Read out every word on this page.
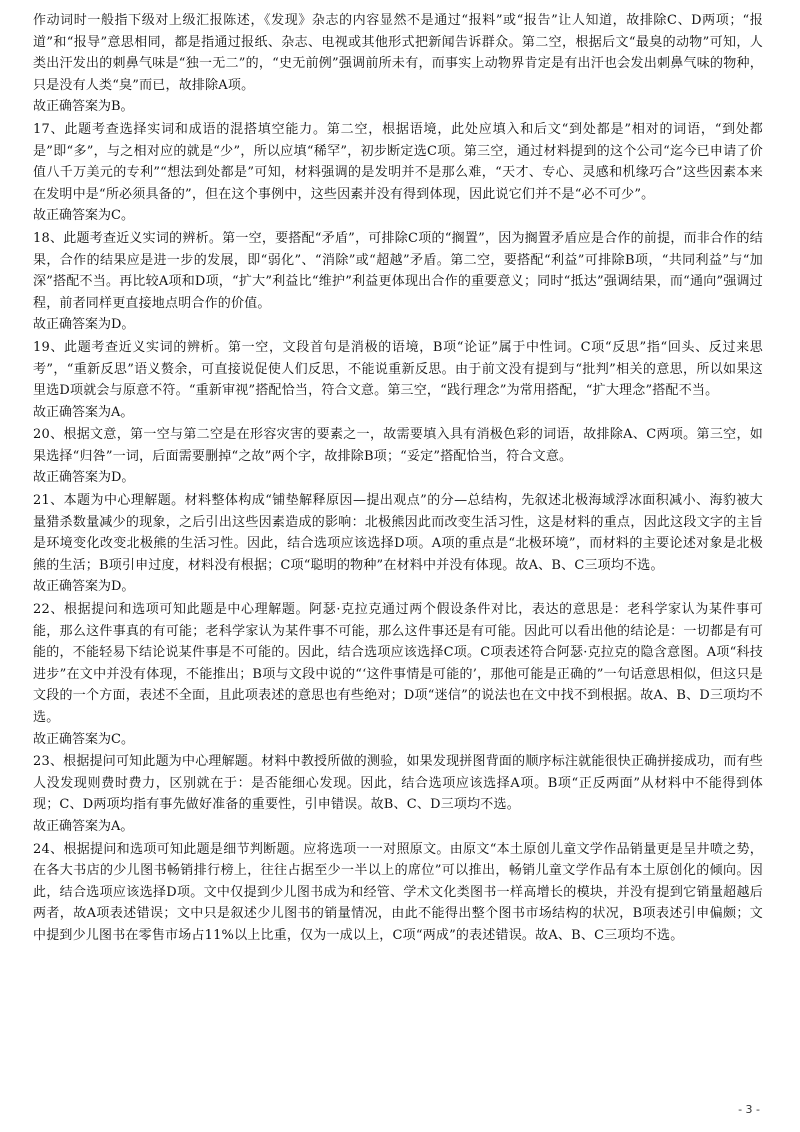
作动词时一般指下级对上级汇报陈述，《发现》杂志的内容显然不是通过“报料”或“报告”让人知道，故排除C、D两项；“报道”和“报导”意思相同，都是指通过报纸、杂志、电视或其他形式把新闻告诉群众。第二空，根据后文“最臭的动物”可知，人类出汗发出的刺鼻气味是“独一无二”的，“史无前例”强调前所未有，而事实上动物界肯定是有出汗也会发出刺鼻气味的物种，只是没有人类“臭”而已，故排除A项。

故正确答案为B。

17、此题考查选择实词和成语的混搭填空能力。第二空，根据语境，此处应填入和后文“到处都是”相对的词语，“到处都是”即“多”，与之相对应的就是“少”，所以应填“稀罕”，初步断定选C项。第三空，通过材料提到的这个公司“迄今已申请了价值八千万美元的专利”“想法到处都是”可知，材料强调的是发明并不是那么难，“天才、专心、灵感和机缘巧合”这些因素本来在发明中是“所必须具备的”，但在这个事例中，这些因素并没有得到体现，因此说它们并不是“必不可少”。

故正确答案为C。

18、此题考查近义实词的辨析。第一空，要搭配“矛盾”，可排除C项的“搁置”，因为搁置矛盾应是合作的前提，而非合作的结果，合作的结果应是进一步的发展，即“弱化”、“消除”或“超越”矛盾。第二空，要搭配“利益”可排除B项，“共同利益”与“加深”搭配不当。再比较A项和D项，“扩大”利益比“维护”利益更体现出合作的重要意义；同时“抵达”强调结果，而“通向”强调过程，前者同样更直接地点明合作的价值。

故正确答案为D。

19、此题考查近义实词的辨析。第一空，文段首句是消极的语境，B项“论证”属于中性词。C项“反思”指“回头、反过来思考”，“重新反思”语义赘余，可直接说促使人们反思，不能说重新反思。由于前文没有提到与“批判”相关的意思，所以如果这里选D项就会与原意不符。“重新审视”搭配恰当，符合文意。第三空，“践行理念”为常用搭配，“扩大理念”搭配不当。

故正确答案为A。

20、根据文意，第一空与第二空是在形容灾害的要素之一，故需要填入具有消极色彩的词语，故排除A、C两项。第三空，如果选择“归咎”一词，后面需要删掉“之故”两个字，故排除B项；“妥定”搭配恰当，符合文意。

故正确答案为D。

21、本题为中心理解题。材料整体构成“铺垫解释原因—提出观点”的分—总结构，先叙述北极海域浮冰面积减小、海豹被大量猎杀数量减少的现象，之后引出这些因素造成的影响：北极熊因此而改变生活习性，这是材料的重点，因此这段文字的主旨是环境变化改变北极熊的生活习性。因此，结合选项应该选择D项。A项的重点是“北极环境”，而材料的主要论述对象是北极熊的生活；B项引申过度，材料没有根据；C项“聪明的物种”在材料中并没有体现。故A、B、C三项均不选。

故正确答案为D。

22、根据提问和选项可知此题是中心理解题。阿瑟·克拉克通过两个假设条件对比，表达的意思是：老科学家认为某件事可能，那么这件事真的有可能；老科学家认为某件事不可能，那么这件事还是有可能。因此可以看出他的结论是：一切都是有可能的，不能轻易下结论说某件事是不可能的。因此，结合选项应该选择C项。C项表述符合阿瑟·克拉克的隐含意图。A项“科技进步”在文中并没有体现，不能推出；B项与文段中说的“‘这件事情是可能的’，那他可能是正确的”一句话意思相似，但这只是文段的一个方面，表述不全面，且此项表述的意思也有些绝对；D项“迷信”的说法也在文中找不到根据。故A、B、D三项均不选。

故正确答案为C。

23、根据提问可知此题为中心理解题。材料中教授所做的测验，如果发现拼图背面的顺序标注就能很快正确拼接成功，而有些人没发现则费时费力，区别就在于：是否能细心发现。因此，结合选项应该选择A项。B项“正反两面”从材料中不能得到体现；C、D两项均指有事先做好准备的重要性，引申错误。故B、C、D三项均不选。

故正确答案为A。

24、根据提问和选项可知此题是细节判断题。应将选项一一对照原文。由原文“本土原创儿童文学作品销量更是呈井喷之势，在各大书店的少儿图书畅销排行榜上，往往占据至少一半以上的席位”可以推出，畅销儿童文学作品有本土原创化的倾向。因此，结合选项应该选择D项。文中仅提到少儿图书成为和经管、学术文化类图书一样高增长的模块，并没有提到它销量超越后两者，故A项表述错误；文中只是叙述少儿图书的销量情况，由此不能得出整个图书市场结构的状况，B项表述引申偏颇；文中提到少儿图书在零售市场占11%以上比重，仅为一成以上，C项“两成”的表述错误。故A、B、C三项均不选。

- 3 -
